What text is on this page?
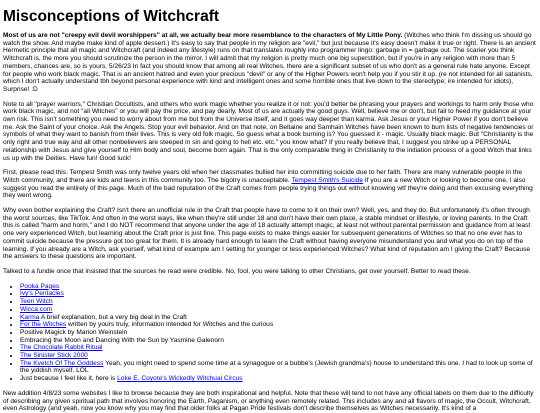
Misconceptions of Witchcraft

Most of us are not "creepy evil devil worshippers" at all, we actually bear more resemblance to the characters of My Little Pony. (Witches who think I'm dissing us should go watch the show. And maybe make kind of apple dessert.) It's easy to say that people in my religion are "evil," but just because it's easy doesn't make it true or right. There is an ancient Hermetic principle that all magic and Witchcraft (and indeed any lifestyle) runs on that translates roughly into programmer lingo: garbage in = garbage out. The scarier you think Witchcraft is, the more you should scrutinize the person in the mirror. I will admit that my religion is pretty much one big superstition, but if you're in any religion with more than 5 members, chances are, so is yours. 5/26/23 In fact you should know that among all real Witches, there are a significant subset of us who don't as a general rule hate anyone. Except for people who work black magic. That is an ancient hatred and even your precious "devil" or any of the Higher Powers won't help you if you stir it up. (re not intended for all satanists, which I don't actually understand tbh beyond personal experience with kind and intelligent ones and some horrible ones that live down to the stereotype; ire intended for idiots), Surprise! :D

Note to all "prayer warriors," Christian Occultists, and others who work magic whether you realize it or not: you'd better be phrasing your prayers and workings to harm only those who work black magic, and not "all Witches" or you will pay the price, and pay dearly. Most of us are actually the good guys. Well, believe me or don't, but fail to heed my guidance at your own risk. This isn't something you need to worry about from me but from the Universe itself, and it goes way deeper than karma. Ask Jesus or your Higher Power if you don't believe me. Ask the Saint of your choice. Ask the Angels. Stop your evil behavior. And on that note, on Beltaine and Samhain Witches have been known to burn lists of negative tendencies or symbols of what they want to banish from their lives. This is very old folk magic. So guess what a book burning is? You guessed it - magic. Usually black magic. But "Christianity is the only right and true way and all other nonbelievers are steeped in sin and going to hell etc. etc." you know what? If you really believe that, I suggest you strike up a PERSONAL relationship with Jesus and give yourself to Him body and soul, become born again. That is the only comparable thing in Christianity to the initiation process of a good Witch that links us up with the Deities. Have fun! Good luck!

First, please read this. Tempest Smith was only twelve years old when her classmates bullied her into committing suicide due to her faith. There are many vulnerable people in the Witch community, and there are kids and teens in this community too. The bigotry is unacceptable. Tempest Smith's Suicide If you are a new Witch or looking to become one, I also suggest you read the entirety of this page. Much of the bad reputation of the Craft comes from people trying things out without knowing wtf they're doing and then excusing everything they went wrong.

Why even bother explaining the Craft? Isn't there an unofficial rule in the Craft that people have to come to it on their own? Well, yes, and they do. But unfortunately it's often through the worst sources, like TikTok. And often in the worst ways, like when they're still under 18 and don't have their own place, a stable mindset or lifestyle, or loving parents. In the Craft this is called "harm and horm," and I do NOT recommend that anyone under the age of 18 actually attempt magic, at least not without parental permission and guidance from at least one very experienced Witch, but learning about the Craft prior is just fine. This page exists to make things easier for subsequent generations of Witches so that no one ever has to commit suicide because the pressure got too great for them. It is already hard enough to learn the Craft without having everyone misunderstand you and what you do on top of the learning. If you already are a Witch, ask yourself, what kind of example am I setting for younger or less experienced Witches? What kind of reputation am I giving the Craft? Because the answers to these questions are important.

Talked to a fundie once that insisted that the sources he read were credible. No, fool, you were talking to other Christians, get over yourself. Better to read these.

• Pooka Pages
• Ivy's Pentacles
• Teen Witch
• Wicca.com
• Karma A brief explanation, but a very big deal in the Craft
• For the Witches written by yours truly, information intended for Witches and the curious
• Positive Magick by Marion Weinstein
• Embracing the Moon and Dancing With the Sun by Yasmine Galenorn
• The Chocolate Rabbit Ritual
• The Sinister Stick 2000
• The Kvetch Of The Goddess Yeah, you might need to spend some time at a synagogue or a bubbe's (Jewish grandma's) house to understand this one. I had to look up some of the yiddish myself. LOL
• Just because I feel like it, here is Loke E. Coyote's Wickedly Witchual Circus

New addition 4/8/23 some websites I like to browse because they are both inspirational and helpful. Note that these will tend to not have any official labels on them due to the difficulty of describing any given spiritual path that involves honoring the Earth, Paganism, or anything even remotely related. This includes any and all flavors of magic, the Occult, Witchcraft, even Astrology (and yeah, now you know why you may find that older folks at Pagan Pride festivals don't describe themselves as Witches necessarily. It's kind of a
